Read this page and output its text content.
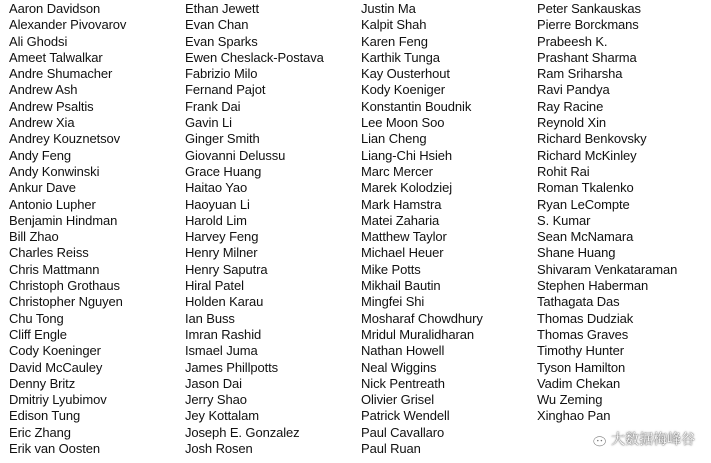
Aaron Davidson
Alexander Pivovarov
Ali Ghodsi
Ameet Talwalkar
Andre Shumacher
Andrew Ash
Andrew Psaltis
Andrew Xia
Andrey Kouznetsov
Andy Feng
Andy Konwinski
Ankur Dave
Antonio Lupher
Benjamin Hindman
Bill Zhao
Charles Reiss
Chris Mattmann
Christoph Grothaus
Christopher Nguyen
Chu Tong
Cliff Engle
Cody Koeninger
David McCauley
Denny Britz
Dmitriy Lyubimov
Edison Tung
Eric Zhang
Erik van Oosten
Ethan Jewett
Evan Chan
Evan Sparks
Ewen Cheslack-Postava
Fabrizio Milo
Fernand Pajot
Frank Dai
Gavin Li
Ginger Smith
Giovanni Delussu
Grace Huang
Haitao Yao
Haoyuan Li
Harold Lim
Harvey Feng
Henry Milner
Henry Saputra
Hiral Patel
Holden Karau
Ian Buss
Imran Rashid
Ismael Juma
James Phillpotts
Jason Dai
Jerry Shao
Jey Kottalam
Joseph E. Gonzalez
Josh Rosen
Justin Ma
Kalpit Shah
Karen Feng
Karthik Tunga
Kay Ousterhout
Kody Koeniger
Konstantin Boudnik
Lee Moon Soo
Lian Cheng
Liang-Chi Hsieh
Marc Mercer
Marek Kolodziej
Mark Hamstra
Matei Zaharia
Matthew Taylor
Michael Heuer
Mike Potts
Mikhail Bautin
Mingfei Shi
Mosharaf Chowdhury
Mridul Muralidharan
Nathan Howell
Neal Wiggins
Nick Pentreath
Olivier Grisel
Patrick Wendell
Paul Cavallaro
Paul Ruan
Peter Sankauskas
Pierre Borckmans
Prabeesh K.
Prashant Sharma
Ram Sriharsha
Ravi Pandya
Ray Racine
Reynold Xin
Richard Benkovsky
Richard McKinley
Rohit Rai
Roman Tkalenko
Ryan LeCompte
S. Kumar
Sean McNamara
Shane Huang
Shivaram Venkataraman
Stephen Haberman
Tathagata Das
Thomas Dudziak
Thomas Graves
Timothy Hunter
Tyson Hamilton
Vadim Chekan
Wu Zeming
Xinghao Pan
大数据梅峰谷
